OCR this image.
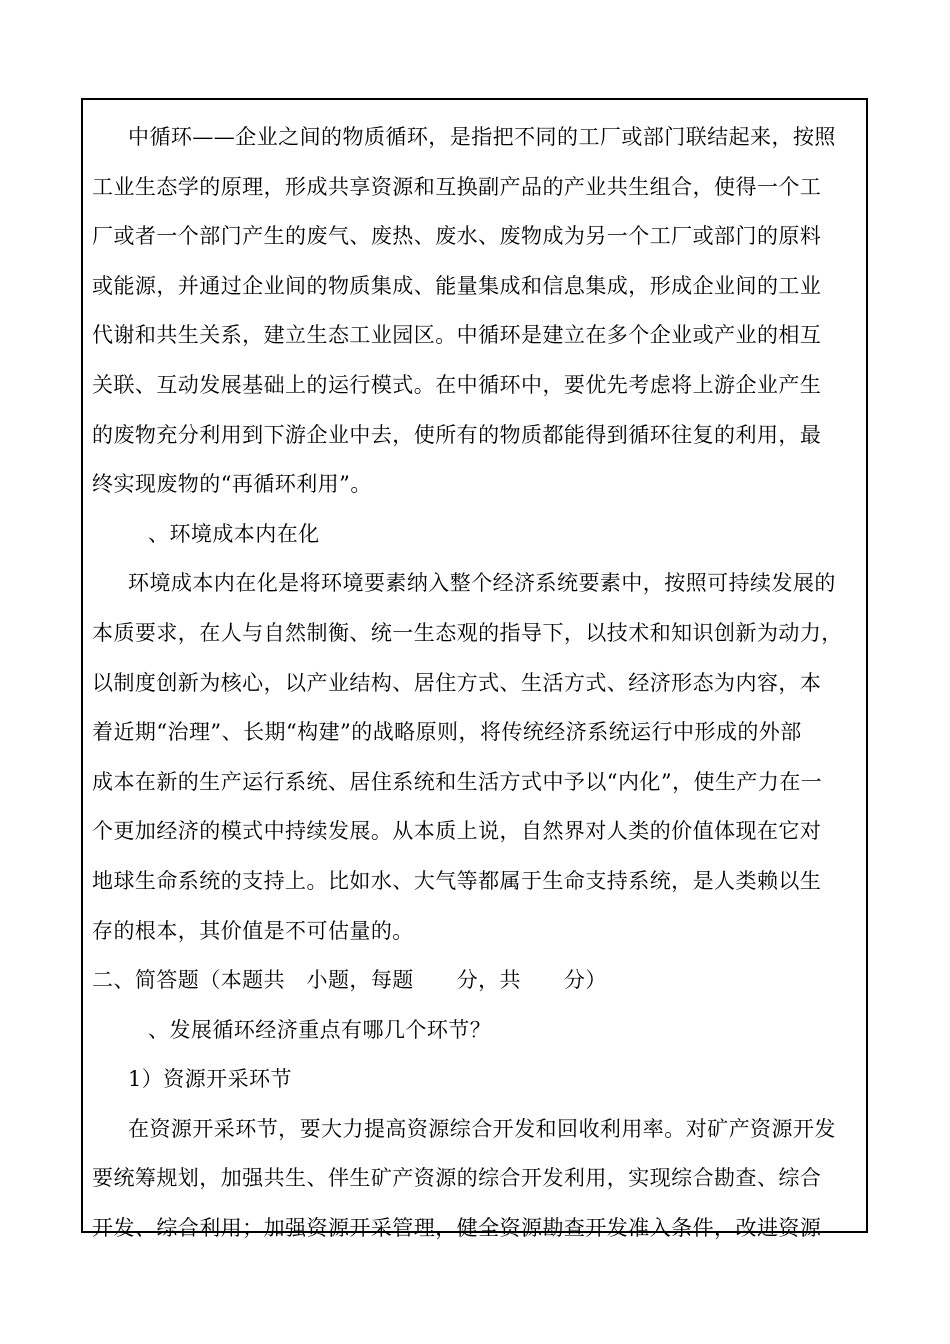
中循环——企业之间的物质循环，是指把不同的工厂或部门联结起来，按照
工业生态学的原理，形成共享资源和互换副产品的产业共生组合，使得一个工
厂或者一个部门产生的废气、废热、废水、废物成为另一个工厂或部门的原料
或能源，并通过企业间的物质集成、能量集成和信息集成，形成企业间的工业
代谢和共生关系，建立生态工业园区。中循环是建立在多个企业或产业的相互
关联、互动发展基础上的运行模式。在中循环中，要优先考虑将上游企业产生
的废物充分利用到下游企业中去，使所有的物质都能得到循环往复的利用，最
终实现废物的“再循环利用”。
、环境成本内在化
环境成本内在化是将环境要素纳入整个经济系统要素中，按照可持续发展的
本质要求，在人与自然制衡、统一生态观的指导下，以技术和知识创新为动力，
以制度创新为核心，以产业结构、居住方式、生活方式、经济形态为内容，本
着近期“治理”、长期“构建”的战略原则，将传统经济系统运行中形成的外部
成本在新的生产运行系统、居住系统和生活方式中予以“内化”，使生产力在一
个更加经济的模式中持续发展。从本质上说，自然界对人类的价值体现在它对
地球生命系统的支持上。比如水、大气等都属于生命支持系统，是人类赖以生
存的根本，其价值是不可估量的。
二、简答题（本题共　小题，每题　　分，共　　分）
、发展循环经济重点有哪几个环节？
1）资源开采环节
在资源开采环节，要大力提高资源综合开发和回收利用率。对矿产资源开发
要统筹规划，加强共生、伴生矿产资源的综合开发利用，实现综合勘查、综合
开发、综合利用；加强资源开采管理，健全资源勘查开发准入条件，改进资源
